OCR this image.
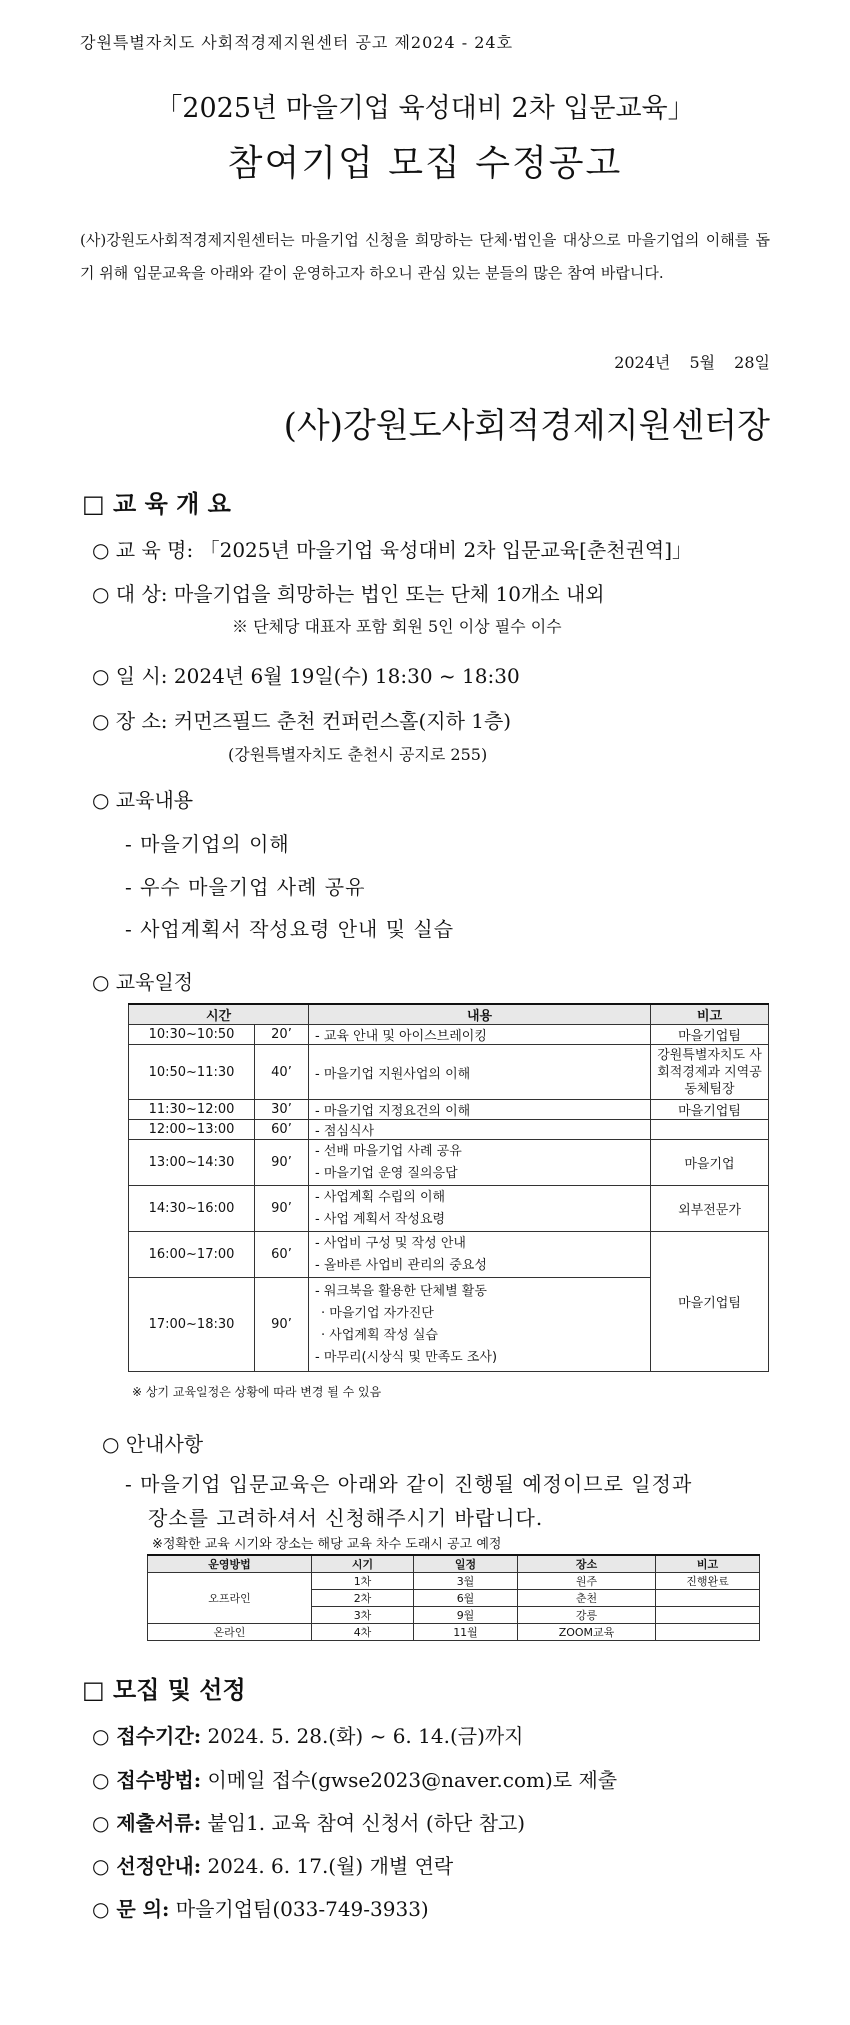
강원특별자치도 사회적경제지원센터 공고 제2024 - 24호
「2025년 마을기업 육성대비 2차 입문교육」
참여기업 모집 수정공고
(사)강원도사회적경제지원센터는 마을기업 신청을 희망하는 단체·법인을 대상으로 마을기업의 이해를 돕기 위해 입문교육을 아래와 같이 운영하고자 하오니 관심 있는 분들의 많은 참여 바랍니다.
2024년 5월 28일
(사)강원도사회적경제지원센터장
□ 교 육 개 요
○ 교 육 명: 「2025년 마을기업 육성대비 2차 입문교육[춘천권역]」
○ 대 상: 마을기업을 희망하는 법인 또는 단체 10개소 내외
※ 단체당 대표자 포함 회원 5인 이상 필수 이수
○ 일 시: 2024년 6월 19일(수) 18:30 ~ 18:30
○ 장 소: 커먼즈필드 춘천 컨퍼런스홀(지하 1층)
(강원특별자치도 춘천시 공지로 255)
○ 교육내용
- 마을기업의 이해
- 우수 마을기업 사례 공유
- 사업계획서 작성요령 안내 및 실습
○ 교육일정
시간		내용	비고
10:30~10:50	20’	- 교육 안내 및 아이스브레이킹	마을기업팀
10:50~11:30	40’	- 마을기업 지원사업의 이해	강원특별자치도 사회적경제과 지역공동체팀장
11:30~12:00	30’	- 마을기업 지정요건의 이해	마을기업팀
12:00~13:00	60’	- 점심식사	
13:00~14:30	90’	- 선배 마을기업 사례 공유
- 마을기업 운영 질의응답	마을기업
14:30~16:00	90’	- 사업계획 수립의 이해
- 사업 계획서 작성요령	외부전문가
16:00~17:00	60’	- 사업비 구성 및 작성 안내
- 올바른 사업비 관리의 중요성	마을기업팀
17:00~18:30	90’	- 워크북을 활용한 단체별 활동
· 마을기업 자가진단
· 사업계획 작성 실습
- 마무리(시상식 및 만족도 조사)	
※ 상기 교육일정은 상황에 따라 변경 될 수 있음
○ 안내사항
- 마을기업 입문교육은 아래와 같이 진행될 예정이므로 일정과
장소를 고려하셔서 신청해주시기 바랍니다.
※정확한 교육 시기와 장소는 해당 교육 차수 도래시 공고 예정
운영방법	시기	일정	장소	비고
오프라인	1차	3월	원주	진행완료
	2차	6월	춘천	
	3차	9월	강릉	
온라인	4차	11월	ZOOM교육	
□ 모집 및 선정
○ 접수기간: 2024. 5. 28.(화) ~ 6. 14.(금)까지
○ 접수방법: 이메일 접수(gwse2023@naver.com)로 제출
○ 제출서류: 붙임1. 교육 참여 신청서 (하단 참고)
○ 선정안내: 2024. 6. 17.(월) 개별 연락
○ 문 의: 마을기업팀(033-749-3933)
